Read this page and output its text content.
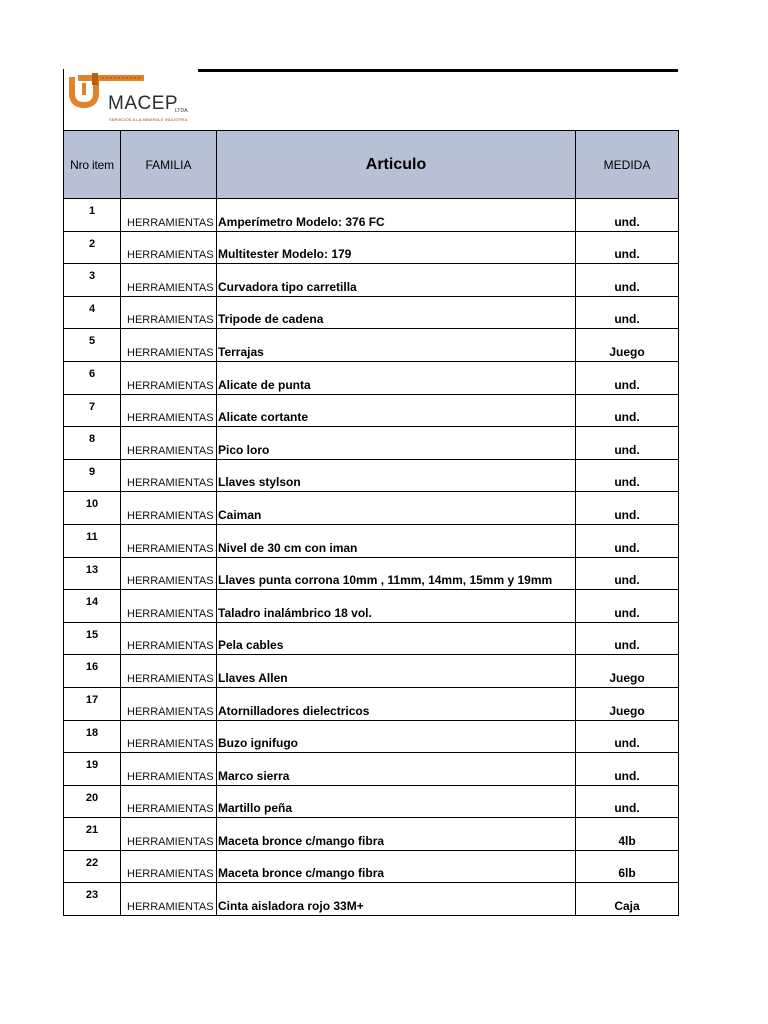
MACEP
LTDA.
SERVICIOS A LA MINERIA E INDUSTRIA
Nro item	FAMILIA	Articulo	MEDIDA
1	HERRAMIENTAS	Amperímetro Modelo: 376 FC	und.
2	HERRAMIENTAS	Multitester Modelo: 179	und.
3	HERRAMIENTAS	Curvadora tipo carretilla	und.
4	HERRAMIENTAS	Tripode de cadena	und.
5	HERRAMIENTAS	Terrajas	Juego
6	HERRAMIENTAS	Alicate de punta	und.
7	HERRAMIENTAS	Alicate cortante	und.
8	HERRAMIENTAS	Pico loro	und.
9	HERRAMIENTAS	Llaves stylson	und.
10	HERRAMIENTAS	Caiman	und.
11	HERRAMIENTAS	Nivel de 30 cm con iman	und.
13	HERRAMIENTAS	Llaves punta corrona 10mm , 11mm, 14mm, 15mm y 19mm	und.
14	HERRAMIENTAS	Taladro inalámbrico 18 vol.	und.
15	HERRAMIENTAS	Pela cables	und.
16	HERRAMIENTAS	Llaves Allen	Juego
17	HERRAMIENTAS	Atornilladores dielectricos	Juego
18	HERRAMIENTAS	Buzo ignifugo	und.
19	HERRAMIENTAS	Marco sierra	und.
20	HERRAMIENTAS	Martillo peña	und.
21	HERRAMIENTAS	Maceta bronce c/mango fibra	4lb
22	HERRAMIENTAS	Maceta bronce c/mango fibra	6lb
23	HERRAMIENTAS	Cinta aisladora rojo 33M+	Caja
